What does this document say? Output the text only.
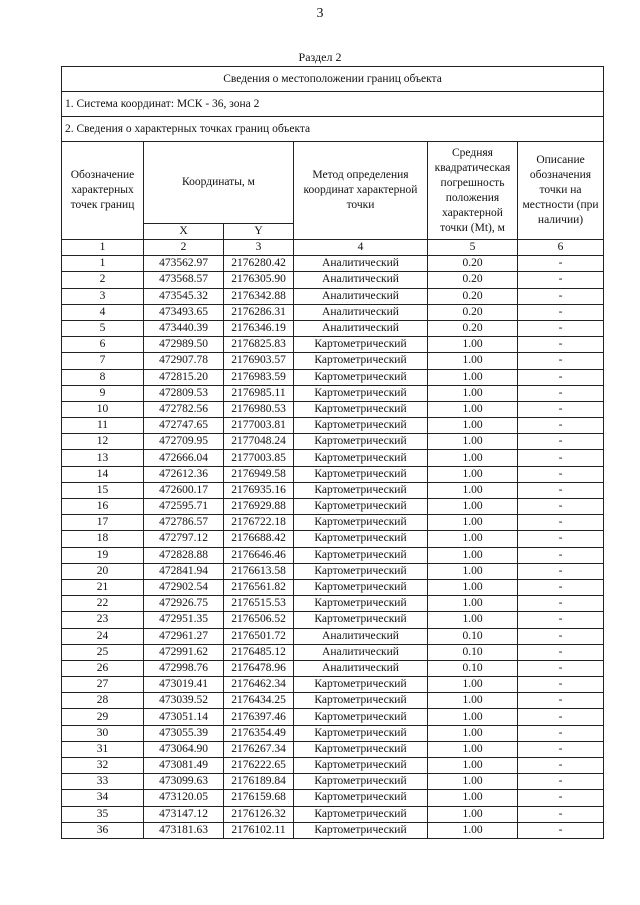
3
Раздел 2
Сведения о местоположении границ объекта					
1. Система координат: МСК - 36, зона 2					
2. Сведения о характерных точках границ объекта					
Обозначение характерных точек границ	Координаты, м		Метод определения координат характерной точки	Средняя квадратическая погрешность положения характерной точки (Mt), м	Описание обозначения точки на местности (при наличии)
	X	Y			
1	2	3	4	5	6
1	473562.97	2176280.42	Аналитический	0.20	-
2	473568.57	2176305.90	Аналитический	0.20	-
3	473545.32	2176342.88	Аналитический	0.20	-
4	473493.65	2176286.31	Аналитический	0.20	-
5	473440.39	2176346.19	Аналитический	0.20	-
6	472989.50	2176825.83	Картометрический	1.00	-
7	472907.78	2176903.57	Картометрический	1.00	-
8	472815.20	2176983.59	Картометрический	1.00	-
9	472809.53	2176985.11	Картометрический	1.00	-
10	472782.56	2176980.53	Картометрический	1.00	-
11	472747.65	2177003.81	Картометрический	1.00	-
12	472709.95	2177048.24	Картометрический	1.00	-
13	472666.04	2177003.85	Картометрический	1.00	-
14	472612.36	2176949.58	Картометрический	1.00	-
15	472600.17	2176935.16	Картометрический	1.00	-
16	472595.71	2176929.88	Картометрический	1.00	-
17	472786.57	2176722.18	Картометрический	1.00	-
18	472797.12	2176688.42	Картометрический	1.00	-
19	472828.88	2176646.46	Картометрический	1.00	-
20	472841.94	2176613.58	Картометрический	1.00	-
21	472902.54	2176561.82	Картометрический	1.00	-
22	472926.75	2176515.53	Картометрический	1.00	-
23	472951.35	2176506.52	Картометрический	1.00	-
24	472961.27	2176501.72	Аналитический	0.10	-
25	472991.62	2176485.12	Аналитический	0.10	-
26	472998.76	2176478.96	Аналитический	0.10	-
27	473019.41	2176462.34	Картометрический	1.00	-
28	473039.52	2176434.25	Картометрический	1.00	-
29	473051.14	2176397.46	Картометрический	1.00	-
30	473055.39	2176354.49	Картометрический	1.00	-
31	473064.90	2176267.34	Картометрический	1.00	-
32	473081.49	2176222.65	Картометрический	1.00	-
33	473099.63	2176189.84	Картометрический	1.00	-
34	473120.05	2176159.68	Картометрический	1.00	-
35	473147.12	2176126.32	Картометрический	1.00	-
36	473181.63	2176102.11	Картометрический	1.00	-
